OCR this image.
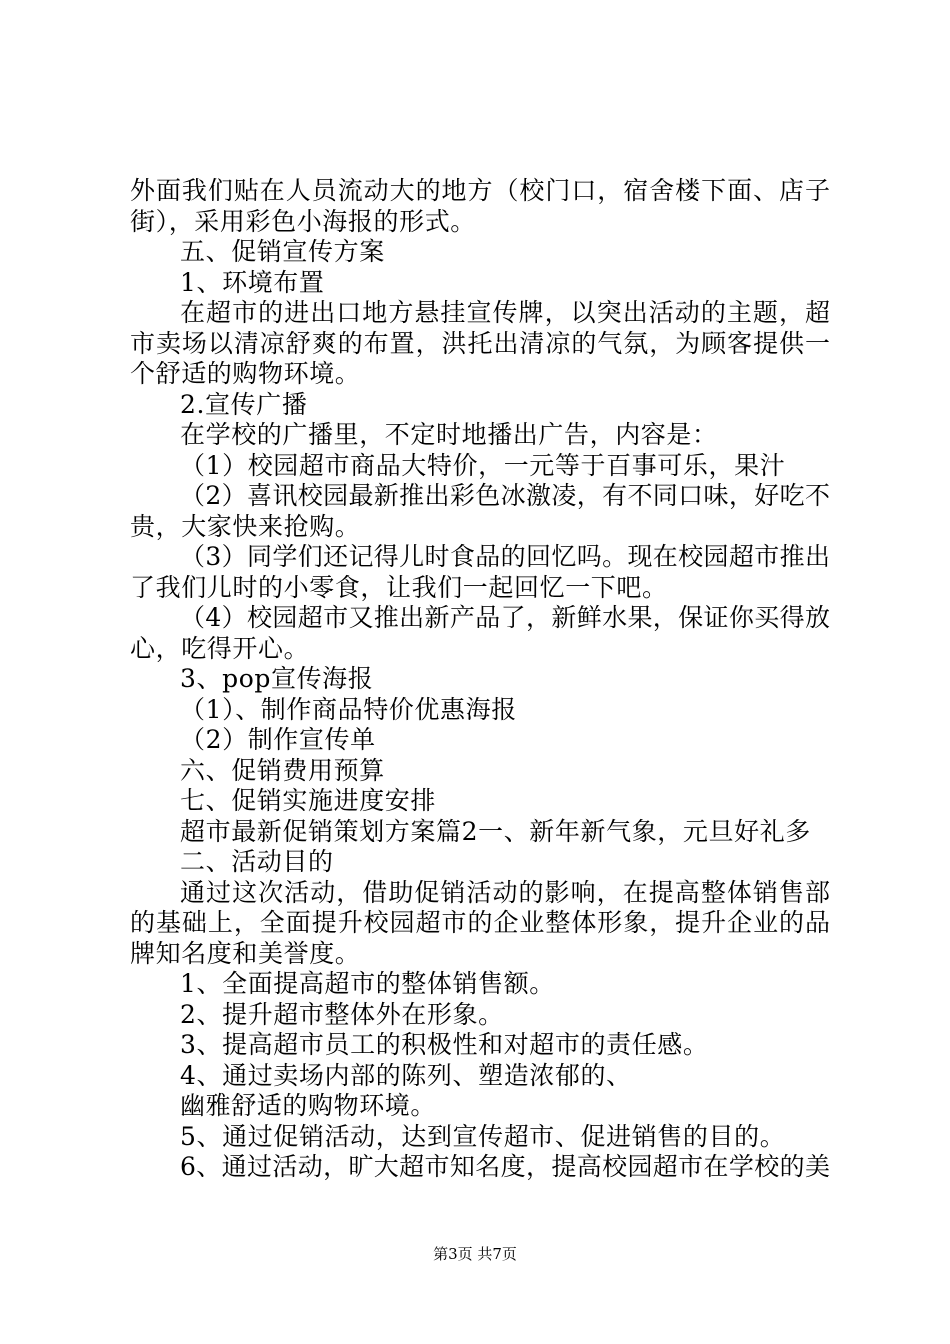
外面我们贴在人员流动大的地方（校门口，宿舍楼下面、店子
街），采用彩色小海报的形式。
五、促销宣传方案
1、环境布置
在超市的进出口地方悬挂宣传牌，以突出活动的主题，超
市卖场以清凉舒爽的布置，洪托出清凉的气氛，为顾客提供一
个舒适的购物环境。
2.宣传广播
在学校的广播里，不定时地播出广告，内容是：
（1）校园超市商品大特价，一元等于百事可乐，果汁
（2）喜讯校园最新推出彩色冰激凌，有不同口味，好吃不
贵，大家快来抢购。
（3）同学们还记得儿时食品的回忆吗。现在校园超市推出
了我们儿时的小零食，让我们一起回忆一下吧。
（4）校园超市又推出新产品了，新鲜水果，保证你买得放
心，吃得开心。
3、pop宣传海报
（1）、制作商品特价优惠海报
（2）制作宣传单
六、促销费用预算
七、促销实施进度安排
超市最新促销策划方案篇2一、新年新气象，元旦好礼多
二、活动目的
通过这次活动，借助促销活动的影响，在提高整体销售部
的基础上，全面提升校园超市的企业整体形象，提升企业的品
牌知名度和美誉度。
1、全面提高超市的整体销售额。
2、提升超市整体外在形象。
3、提高超市员工的积极性和对超市的责任感。
4、通过卖场内部的陈列、塑造浓郁的、
幽雅舒适的购物环境。
5、通过促销活动，达到宣传超市、促进销售的目的。
6、通过活动，旷大超市知名度，提高校园超市在学校的美
第3页 共7页
